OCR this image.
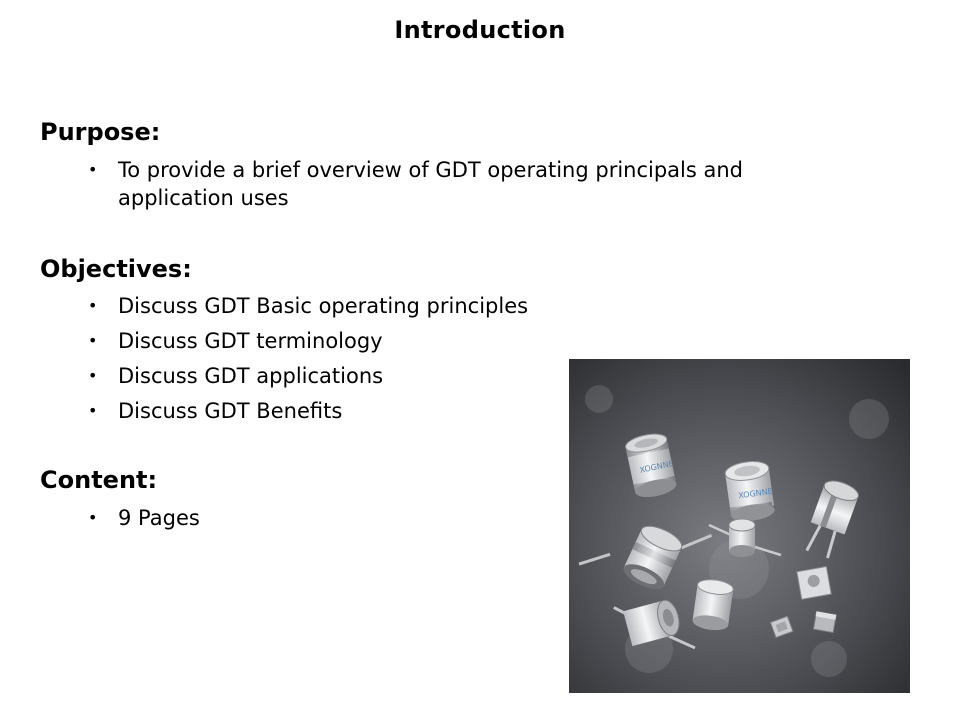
Introduction
Purpose:
• To provide a brief overview of GDT operating principals and application uses
Objectives:
• Discuss GDT Basic operating principles
• Discuss GDT terminology
• Discuss GDT applications
• Discuss GDT Benefits
Content:
• 9 Pages
XOGNNE
XOGNNE
